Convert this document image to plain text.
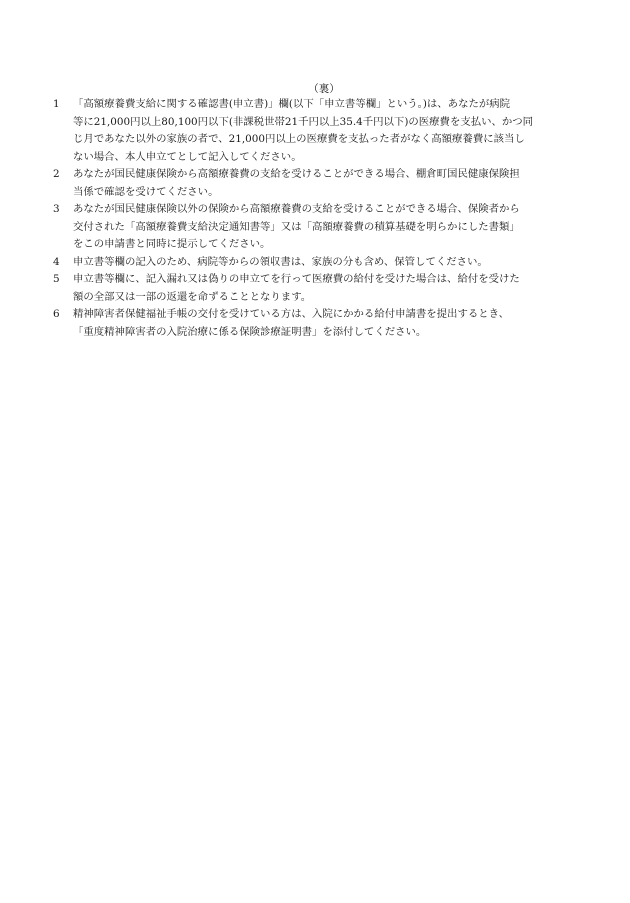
（裏）
1	「高額療養費支給に関する確認書(申立書)」欄(以下「申立書等欄」という。)は、あなたが病院
等に21,000円以上80,100円以下(非課税世帯21千円以上35.4千円以下)の医療費を支払い、かつ同
じ月であなた以外の家族の者で、21,000円以上の医療費を支払った者がなく高額療養費に該当し
ない場合、本人申立てとして記入してください。
2	あなたが国民健康保険から高額療養費の支給を受けることができる場合、棚倉町国民健康保険担
当係で確認を受けてください。
3	あなたが国民健康保険以外の保険から高額療養費の支給を受けることができる場合、保険者から
交付された「高額療養費支給決定通知書等」又は「高額療養費の積算基礎を明らかにした書類」
をこの申請書と同時に提示してください。
4	申立書等欄の記入のため、病院等からの領収書は、家族の分も含め、保管してください。
5	申立書等欄に、記入漏れ又は偽りの申立てを行って医療費の給付を受けた場合は、給付を受けた
額の全部又は一部の返還を命ずることとなります。
6	精神障害者保健福祉手帳の交付を受けている方は、入院にかかる給付申請書を提出するとき、
「重度精神障害者の入院治療に係る保険診療証明書」を添付してください。
